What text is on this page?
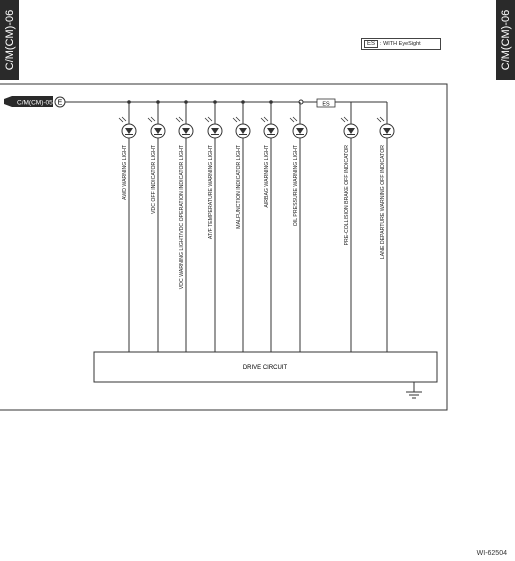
C/M(CM)-06	C/M(CM)-06
ES : WITH EyeSight
C/M(CM)-05 E	ES
AWD WARNING LIGHT	VDC OFF INDICATOR LIGHT	VDC WARNING LIGHT/VDC OPERATION INDICATOR LIGHT	AT/F TEMPERATURE WARNING LIGHT	MALFUNCTION INDICATOR LIGHT	AIRBAG WARNING LIGHT	OIL PRESSURE WARNING LIGHT	PRE-COLLISION BRAKE OFF INDICATOR	LANE DEPARTURE WARNING OFF INDICATOR
DRIVE CIRCUIT
WI-62504
